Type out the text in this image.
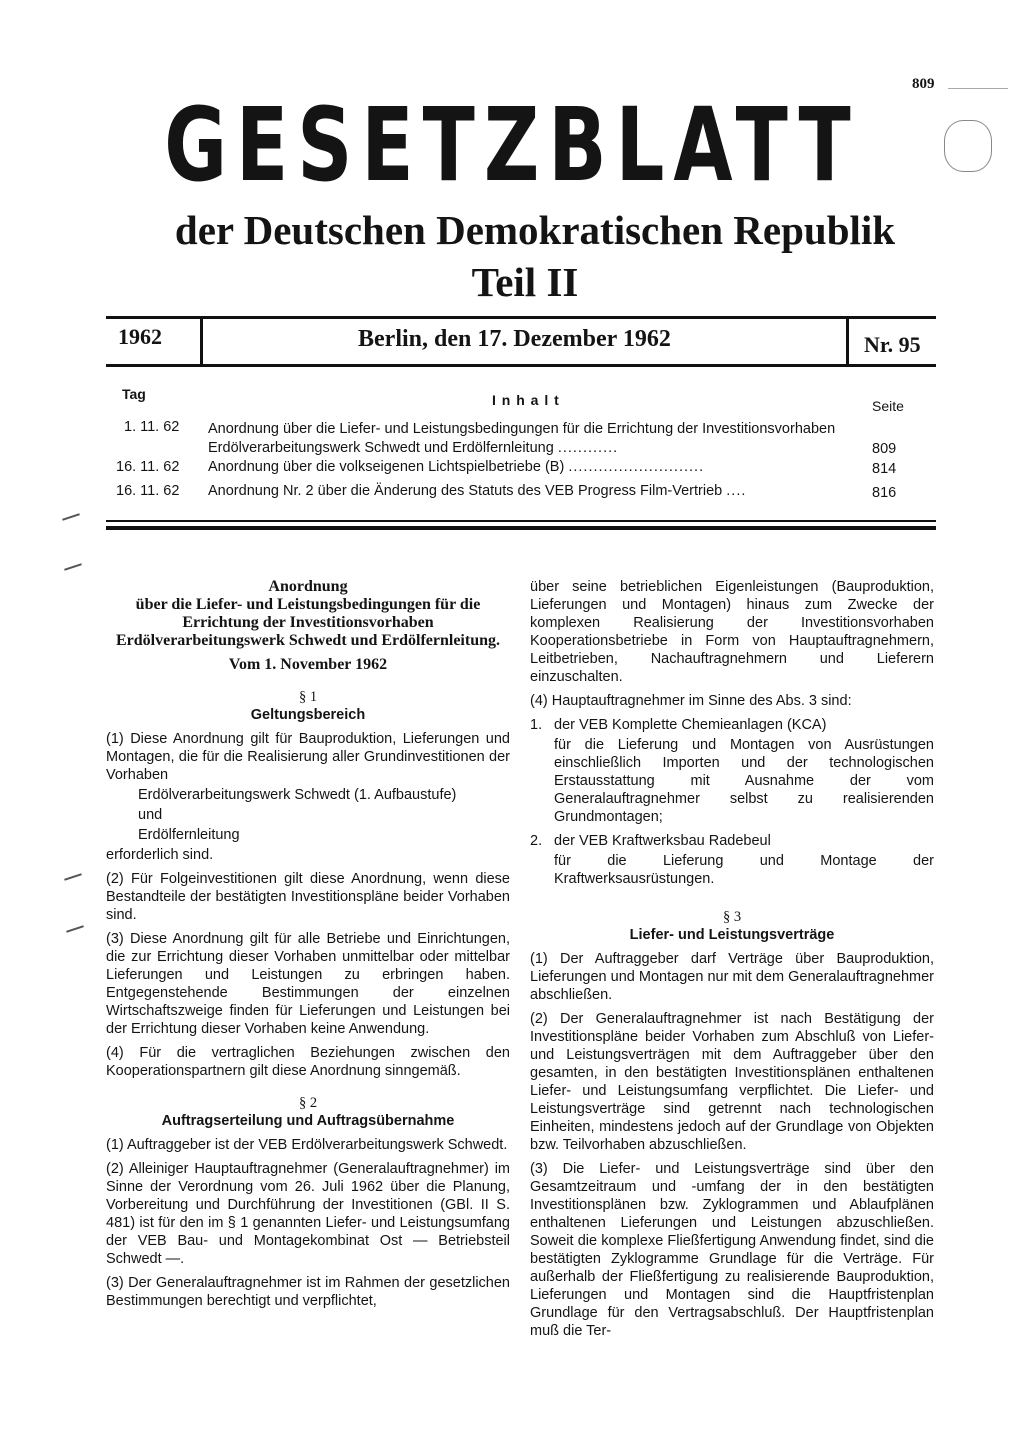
809
GESETZBLATT
der Deutschen Demokratischen Republik
Teil II
1962	Berlin, den 17. Dezember 1962	Nr. 95
Tag	I n h a l t	Seite
1. 11. 62 Anordnung über die Liefer- und Leistungsbedingungen für die Errichtung der Investitionsvorhaben Erdölverarbeitungswerk Schwedt und Erdölfernleitung ............	809
16. 11. 62 Anordnung über die volkseigenen Lichtspielbetriebe (B) ...........................	814
16. 11. 62 Anordnung Nr. 2 über die Änderung des Statuts des VEB Progress Film-Vertrieb ....	816

Anordnung

über die Liefer- und Leistungsbedingungen für die Errichtung der Investitionsvorhaben Erdölverarbeitungswerk Schwedt und Erdölfernleitung.

Vom 1. November 1962

§ 1

Geltungsbereich

(1) Diese Anordnung gilt für Bauproduktion, Lieferungen und Montagen, die für die Realisierung aller Grundinvestitionen der Vorhaben

Erdölverarbeitungswerk Schwedt (1. Aufbaustufe)

und

Erdölfernleitung

erforderlich sind.

(2) Für Folgeinvestitionen gilt diese Anordnung, wenn diese Bestandteile der bestätigten Investitionspläne beider Vorhaben sind.

(3) Diese Anordnung gilt für alle Betriebe und Einrichtungen, die zur Errichtung dieser Vorhaben unmittelbar oder mittelbar Lieferungen und Leistungen zu erbringen haben. Entgegenstehende Bestimmungen der einzelnen Wirtschaftszweige finden für Lieferungen und Leistungen bei der Errichtung dieser Vorhaben keine Anwendung.

(4) Für die vertraglichen Beziehungen zwischen den Kooperationspartnern gilt diese Anordnung sinngemäß.

§ 2

Auftragserteilung und Auftragsübernahme

(1) Auftraggeber ist der VEB Erdölverarbeitungswerk Schwedt.

(2) Alleiniger Hauptauftragnehmer (Generalauftragnehmer) im Sinne der Verordnung vom 26. Juli 1962 über die Planung, Vorbereitung und Durchführung der Investitionen (GBl. II S. 481) ist für den im § 1 genannten Liefer- und Leistungsumfang der VEB Bau- und Montagekombinat Ost — Betriebsteil Schwedt —.

(3) Der Generalauftragnehmer ist im Rahmen der gesetzlichen Bestimmungen berechtigt und verpflichtet,

über seine betrieblichen Eigenleistungen (Bauproduktion, Lieferungen und Montagen) hinaus zum Zwecke der komplexen Realisierung der Investitionsvorhaben Kooperationsbetriebe in Form von Hauptauftragnehmern, Leitbetrieben, Nachauftragnehmern und Lieferern einzuschalten.

(4) Hauptauftragnehmer im Sinne des Abs. 3 sind:

1. der VEB Komplette Chemieanlagen (KCA)

für die Lieferung und Montagen von Ausrüstungen einschließlich Importen und der technologischen Erstausstattung mit Ausnahme der vom Generalauftragnehmer selbst zu realisierenden Grundmontagen;

2. der VEB Kraftwerksbau Radebeul

für die Lieferung und Montage der Kraftwerksausrüstungen.

§ 3

Liefer- und Leistungsverträge

(1) Der Auftraggeber darf Verträge über Bauproduktion, Lieferungen und Montagen nur mit dem Generalauftragnehmer abschließen.

(2) Der Generalauftragnehmer ist nach Bestätigung der Investitionspläne beider Vorhaben zum Abschluß von Liefer- und Leistungsverträgen mit dem Auftraggeber über den gesamten, in den bestätigten Investitionsplänen enthaltenen Liefer- und Leistungsumfang verpflichtet. Die Liefer- und Leistungsverträge sind getrennt nach technologischen Einheiten, mindestens jedoch auf der Grundlage von Objekten bzw. Teilvorhaben abzuschließen.

(3) Die Liefer- und Leistungsverträge sind über den Gesamtzeitraum und -umfang der in den bestätigten Investitionsplänen bzw. Zyklogrammen und Ablaufplänen enthaltenen Lieferungen und Leistungen abzuschließen. Soweit die komplexe Fließfertigung Anwendung findet, sind die bestätigten Zyklogramme Grundlage für die Verträge. Für außerhalb der Fließfertigung zu realisierende Bauproduktion, Lieferungen und Montagen sind die Hauptfristenplan Grundlage für den Vertragsabschluß. Der Hauptfristenplan muß die Ter-
